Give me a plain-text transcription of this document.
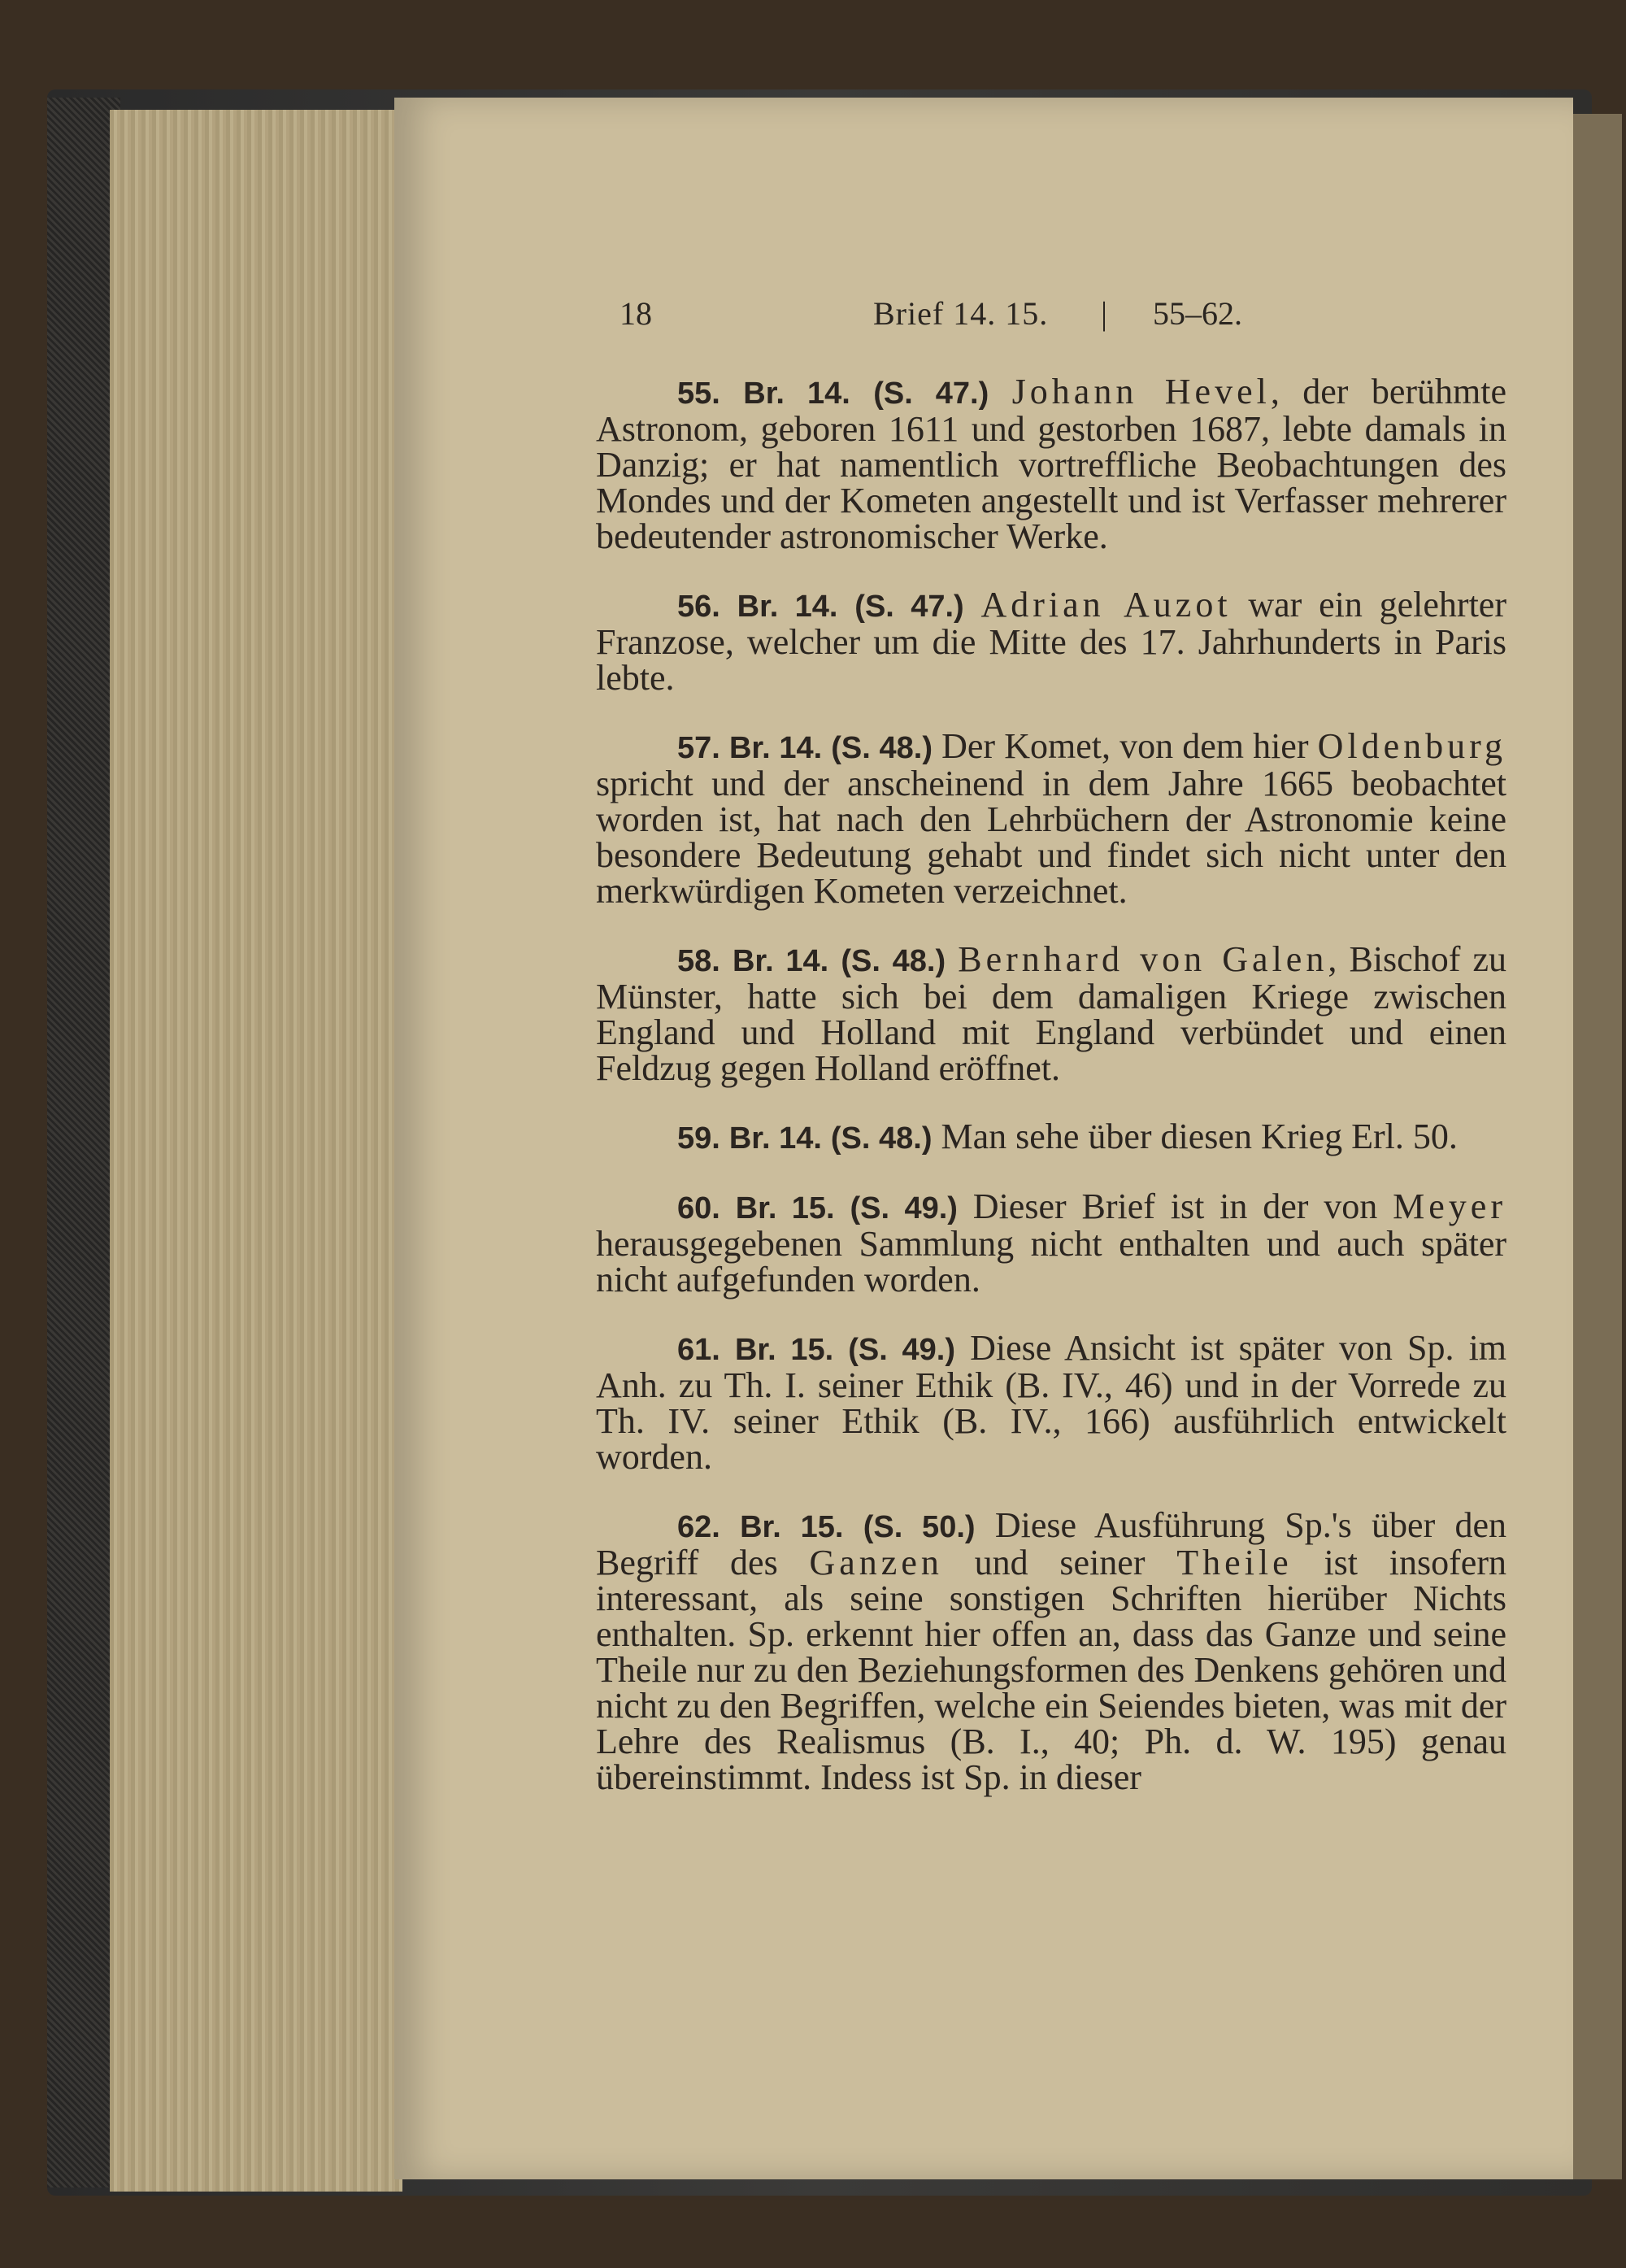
18	Brief 14. 15. | 55–62.

55. Br. 14. (S. 47.) Johann Hevel, der berühmte Astronom, geboren 1611 und gestorben 1687, lebte damals in Danzig; er hat namentlich vortreffliche Beobachtungen des Mondes und der Kometen angestellt und ist Verfasser mehrerer bedeutender astronomischer Werke.

56. Br. 14. (S. 47.) Adrian Auzot war ein gelehrter Franzose, welcher um die Mitte des 17. Jahrhunderts in Paris lebte.

57. Br. 14. (S. 48.) Der Komet, von dem hier Oldenburg spricht und der anscheinend in dem Jahre 1665 beobachtet worden ist, hat nach den Lehrbüchern der Astronomie keine besondere Bedeutung gehabt und findet sich nicht unter den merkwürdigen Kometen verzeichnet.

58. Br. 14. (S. 48.) Bernhard von Galen, Bischof zu Münster, hatte sich bei dem damaligen Kriege zwischen England und Holland mit England verbündet und einen Feldzug gegen Holland eröffnet.

59. Br. 14. (S. 48.) Man sehe über diesen Krieg Erl. 50.

60. Br. 15. (S. 49.) Dieser Brief ist in der von Meyer herausgegebenen Sammlung nicht enthalten und auch später nicht aufgefunden worden.

61. Br. 15. (S. 49.) Diese Ansicht ist später von Sp. im Anh. zu Th. I. seiner Ethik (B. IV., 46) und in der Vorrede zu Th. IV. seiner Ethik (B. IV., 166) ausführlich entwickelt worden.

62. Br. 15. (S. 50.) Diese Ausführung Sp.'s über den Begriff des Ganzen und seiner Theile ist insofern interessant, als seine sonstigen Schriften hierüber Nichts enthalten. Sp. erkennt hier offen an, dass das Ganze und seine Theile nur zu den Beziehungsformen des Denkens gehören und nicht zu den Begriffen, welche ein Seiendes bieten, was mit der Lehre des Realismus (B. I., 40; Ph. d. W. 195) genau übereinstimmt. Indess ist Sp. in dieser
